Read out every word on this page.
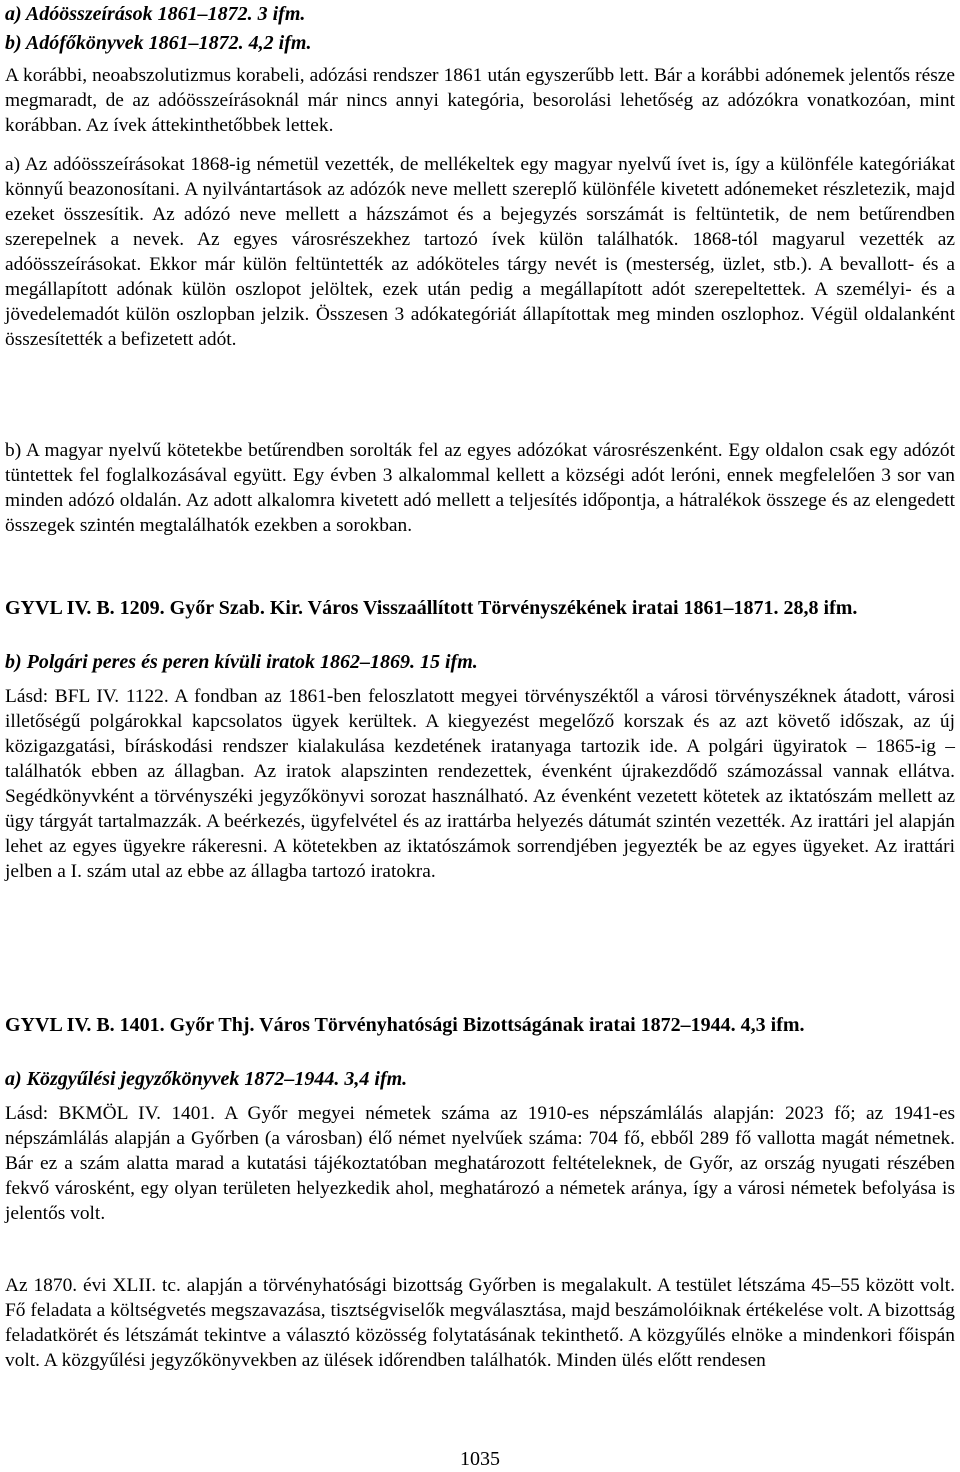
a) Adóösszeírások 1861–1872. 3 ifm.
b) Adófőkönyvek 1861–1872. 4,2 ifm.

A korábbi, neoabszolutizmus korabeli, adózási rendszer 1861 után egyszerűbb lett. Bár a korábbi adónemek jelentős része megmaradt, de az adóösszeírásoknál már nincs annyi kategória, besorolási lehetőség az adózókra vonatkozóan, mint korábban. Az ívek áttekinthetőbbek lettek.

a) Az adóösszeírásokat 1868-ig németül vezették, de mellékeltek egy magyar nyelvű ívet is, így a különféle kategóriákat könnyű beazonosítani. A nyilvántartások az adózók neve mellett szereplő különféle kivetett adónemeket részletezik, majd ezeket összesítik. Az adózó neve mellett a házszámot és a bejegyzés sorszámát is feltüntetik, de nem betűrendben szerepelnek a nevek. Az egyes városrészekhez tartozó ívek külön találhatók. 1868-tól magyarul vezették az adóösszeírásokat. Ekkor már külön feltüntették az adóköteles tárgy nevét is (mesterség, üzlet, stb.). A bevallott- és a megállapított adónak külön oszlopot jelöltek, ezek után pedig a megállapított adót szerepeltettek. A személyi- és a jövedelemadót külön oszlopban jelzik. Összesen 3 adókategóriát állapítottak meg minden oszlophoz. Végül oldalanként összesítették a befizetett adót.

b) A magyar nyelvű kötetekbe betűrendben sorolták fel az egyes adózókat városrészenként. Egy oldalon csak egy adózót tüntettek fel foglalkozásával együtt. Egy évben 3 alkalommal kellett a községi adót leróni, ennek megfelelően 3 sor van minden adózó oldalán. Az adott alkalomra kivetett adó mellett a teljesítés időpontja, a hátralékok összege és az elengedett összegek szintén megtalálhatók ezekben a sorokban.

GYVL IV. B. 1209. Győr Szab. Kir. Város Visszaállított Törvényszékének iratai 1861–1871. 28,8 ifm.
b) Polgári peres és peren kívüli iratok 1862–1869. 15 ifm.

Lásd: BFL IV. 1122. A fondban az 1861-ben feloszlatott megyei törvényszéktől a városi törvényszéknek átadott, városi illetőségű polgárokkal kapcsolatos ügyek kerültek. A kiegyezést megelőző korszak és az azt követő időszak, az új közigazgatási, bíráskodási rendszer kialakulása kezdetének iratanyaga tartozik ide. A polgári ügyiratok – 1865-ig – találhatók ebben az állagban. Az iratok alapszinten rendezettek, évenként újrakezdődő számozással vannak ellátva. Segédkönyvként a törvényszéki jegyzőkönyvi sorozat használható. Az évenként vezetett kötetek az iktatószám mellett az ügy tárgyát tartalmazzák. A beérkezés, ügyfelvétel és az irattárba helyezés dátumát szintén vezették. Az irattári jel alapján lehet az egyes ügyekre rákeresni. A kötetekben az iktatószámok sorrendjében jegyezték be az egyes ügyeket. Az irattári jelben a I. szám utal az ebbe az állagba tartozó iratokra.

GYVL IV. B. 1401. Győr Thj. Város Törvényhatósági Bizottságának iratai 1872–1944. 4,3 ifm.
a) Közgyűlési jegyzőkönyvek 1872–1944. 3,4 ifm.

Lásd: BKMÖL IV. 1401. A Győr megyei németek száma az 1910-es népszámlálás alapján: 2023 fő; az 1941-es népszámlálás alapján a Győrben (a városban) élő német nyelvűek száma: 704 fő, ebből 289 fő vallotta magát németnek. Bár ez a szám alatta marad a kutatási tájékoztatóban meghatározott feltételeknek, de Győr, az ország nyugati részében fekvő városként, egy olyan területen helyezkedik ahol, meghatározó a németek aránya, így a városi németek befolyása is jelentős volt.

Az 1870. évi XLII. tc. alapján a törvényhatósági bizottság Győrben is megalakult. A testület létszáma 45–55 között volt. Fő feladata a költségvetés megszavazása, tisztségviselők megválasztása, majd beszámolóiknak értékelése volt. A bizottság feladatkörét és létszámát tekintve a választó közösség folytatásának tekinthető. A közgyűlés elnöke a mindenkori főispán volt. A közgyűlési jegyzőkönyvekben az ülések időrendben találhatók. Minden ülés előtt rendesen

1035
